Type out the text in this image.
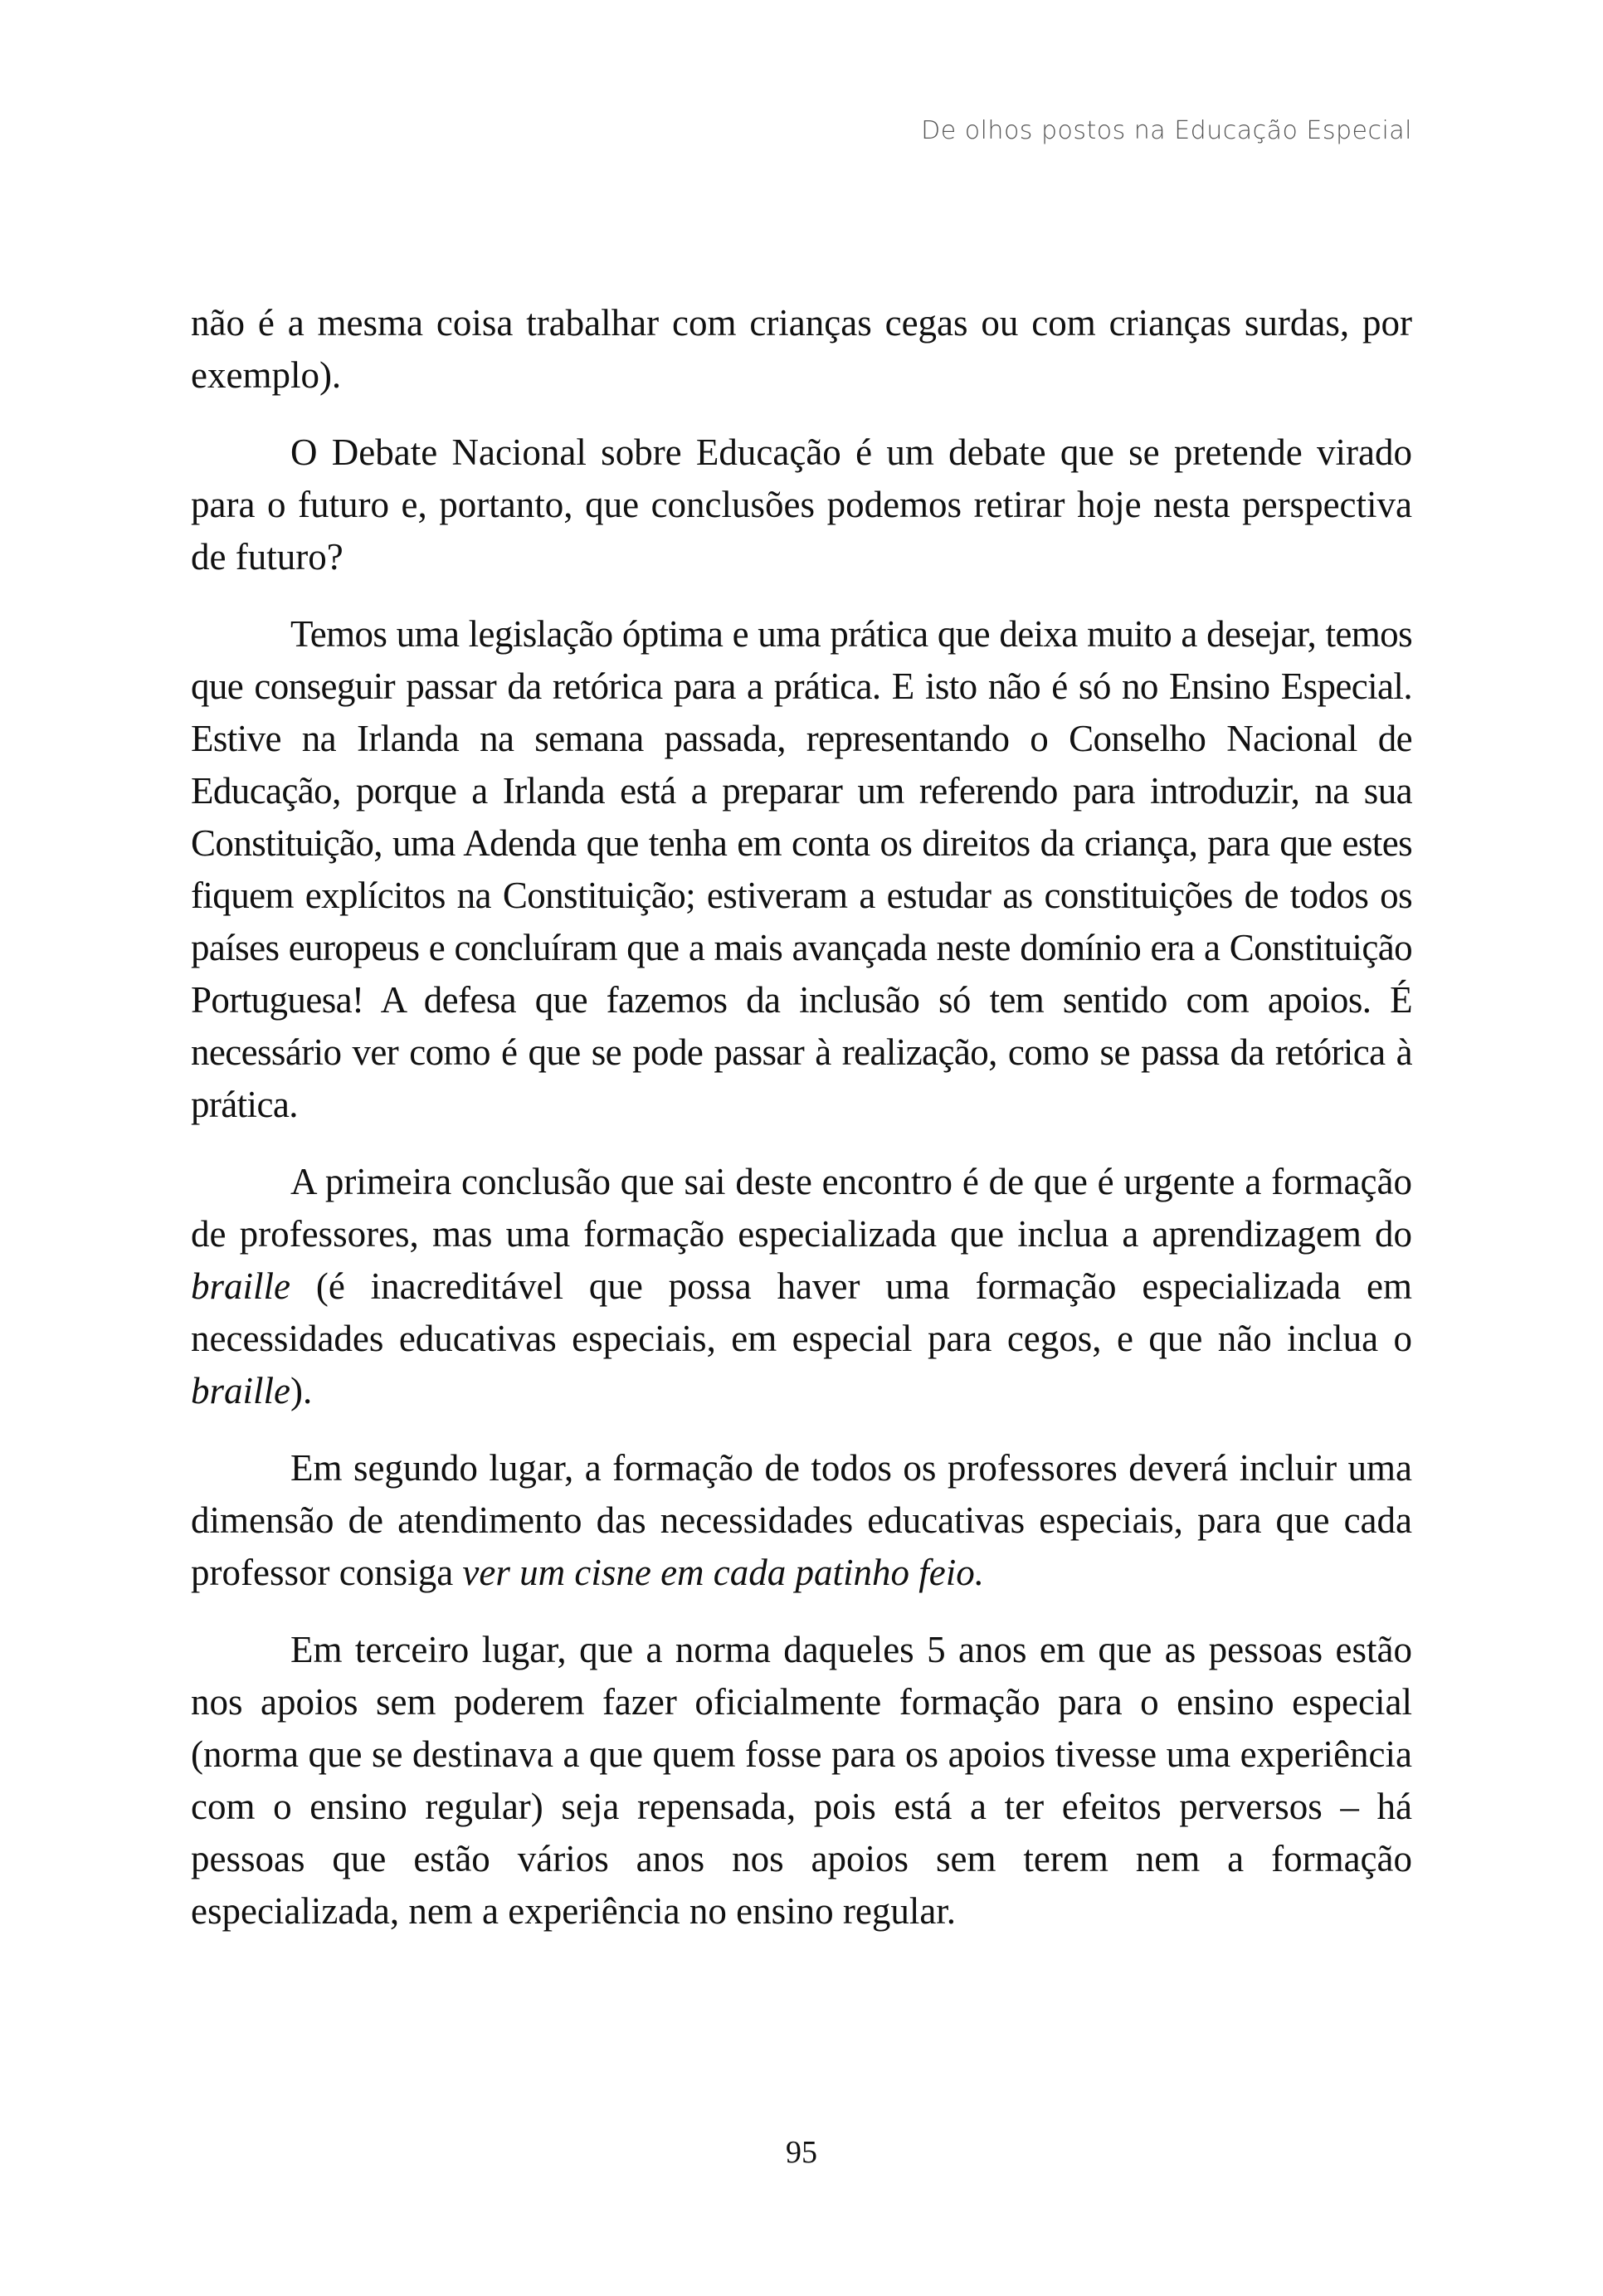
De olhos postos na Educação Especial

não é a mesma coisa trabalhar com crianças cegas ou com crianças surdas, por exemplo).

O Debate Nacional sobre Educação é um debate que se pretende virado para o futuro e, portanto, que conclusões podemos retirar hoje nesta perspectiva de futuro?

Temos uma legislação óptima e uma prática que deixa muito a desejar, temos que conseguir passar da retórica para a prática. E isto não é só no Ensino Especial. Estive na Irlanda na semana passada, representando o Conselho Nacional de Educação, porque a Irlanda está a preparar um referendo para introduzir, na sua Constituição, uma Adenda que tenha em conta os direitos da criança, para que estes fiquem explícitos na Constituição; estiveram a estudar as constituições de todos os países europeus e concluíram que a mais avançada neste domínio era a Constituição Portuguesa! A defesa que fazemos da inclusão só tem sentido com apoios. É necessário ver como é que se pode passar à realização, como se passa da retórica à prática.

A primeira conclusão que sai deste encontro é de que é urgente a formação de professores, mas uma formação especializada que inclua a aprendizagem do braille (é inacreditável que possa haver uma formação especializada em necessidades educativas especiais, em especial para cegos, e que não inclua o braille).

Em segundo lugar, a formação de todos os professores deverá incluir uma dimensão de atendimento das necessidades educativas especiais, para que cada professor consiga ver um cisne em cada patinho feio.

Em terceiro lugar, que a norma daqueles 5 anos em que as pessoas estão nos apoios sem poderem fazer oficialmente formação para o ensino especial (norma que se destinava a que quem fosse para os apoios tivesse uma experiência com o ensino regular) seja repensada, pois está a ter efeitos perversos – há pessoas que estão vários anos nos apoios sem terem nem a formação especializada, nem a experiência no ensino regular.

95
